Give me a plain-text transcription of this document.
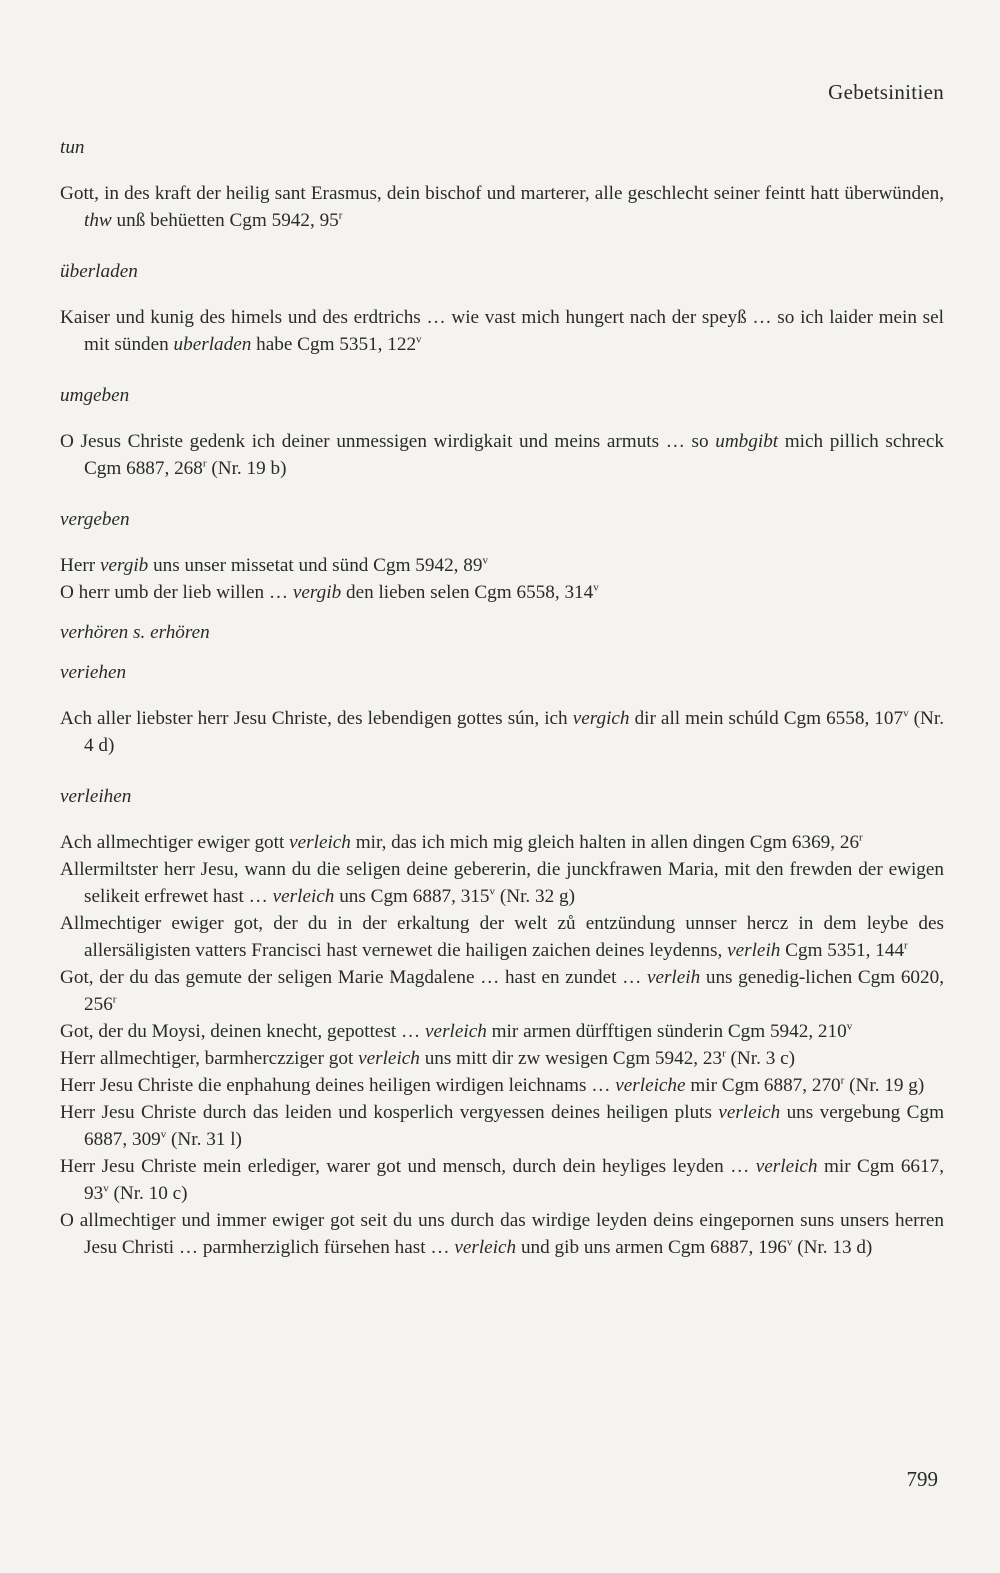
Gebetsinitien

tun

Gott, in des kraft der heilig sant Erasmus, dein bischof und marterer, alle geschlecht seiner feintt hatt überwünden, thw unß behüetten Cgm 5942, 95$^r$

überladen

Kaiser und kunig des himels und des erdtrichs … wie vast mich hungert nach der speyß … so ich laider mein sel mit sünden uberladen habe Cgm 5351, 122$^v$

umgeben

O Jesus Christe gedenk ich deiner unmessigen wirdigkait und meins armuts … so umbgibt mich pillich schreck Cgm 6887, 268$^r$ (Nr. 19 b)

vergeben

Herr vergib uns unser missetat und sünd Cgm 5942, 89$^v$

O herr umb der lieb willen … vergib den lieben selen Cgm 6558, 314$^v$

verhören s. erhören

veriehen

Ach aller liebster herr Jesu Christe, des lebendigen gottes sún, ich vergich dir all mein schúld Cgm 6558, 107$^v$ (Nr. 4 d)

verleihen

Ach allmechtiger ewiger gott verleich mir, das ich mich mig gleich halten in allen dingen Cgm 6369, 26$^r$

Allermiltster herr Jesu, wann du die seligen deine gebererin, die junckfrawen Maria, mit den frewden der ewigen selikeit erfrewet hast … verleich uns Cgm 6887, 315$^v$ (Nr. 32 g)

Allmechtiger ewiger got, der du in der erkaltung der welt zů entzündung unnser hercz in dem leybe des allersäligisten vatters Francisci hast vernewet die hailigen zaichen deines leydenns, verleih Cgm 5351, 144$^r$

Got, der du das gemute der seligen Marie Magdalene … hast en zundet … verleih uns genedig-lichen Cgm 6020, 256$^r$

Got, der du Moysi, deinen knecht, gepottest … verleich mir armen dürfftigen sünderin Cgm 5942, 210$^v$

Herr allmechtiger, barmherczziger got verleich uns mitt dir zw wesigen Cgm 5942, 23$^r$ (Nr. 3 c)

Herr Jesu Christe die enphahung deines heiligen wirdigen leichnams … verleiche mir Cgm 6887, 270$^r$ (Nr. 19 g)

Herr Jesu Christe durch das leiden und kosperlich vergyessen deines heiligen pluts verleich uns vergebung Cgm 6887, 309$^v$ (Nr. 31 l)

Herr Jesu Christe mein erlediger, warer got und mensch, durch dein heyliges leyden … verleich mir Cgm 6617, 93$^v$ (Nr. 10 c)

O allmechtiger und immer ewiger got seit du uns durch das wirdige leyden deins eingepornen suns unsers herren Jesu Christi … parmherziglich fürsehen hast … verleich und gib uns armen Cgm 6887, 196$^v$ (Nr. 13 d)

799
